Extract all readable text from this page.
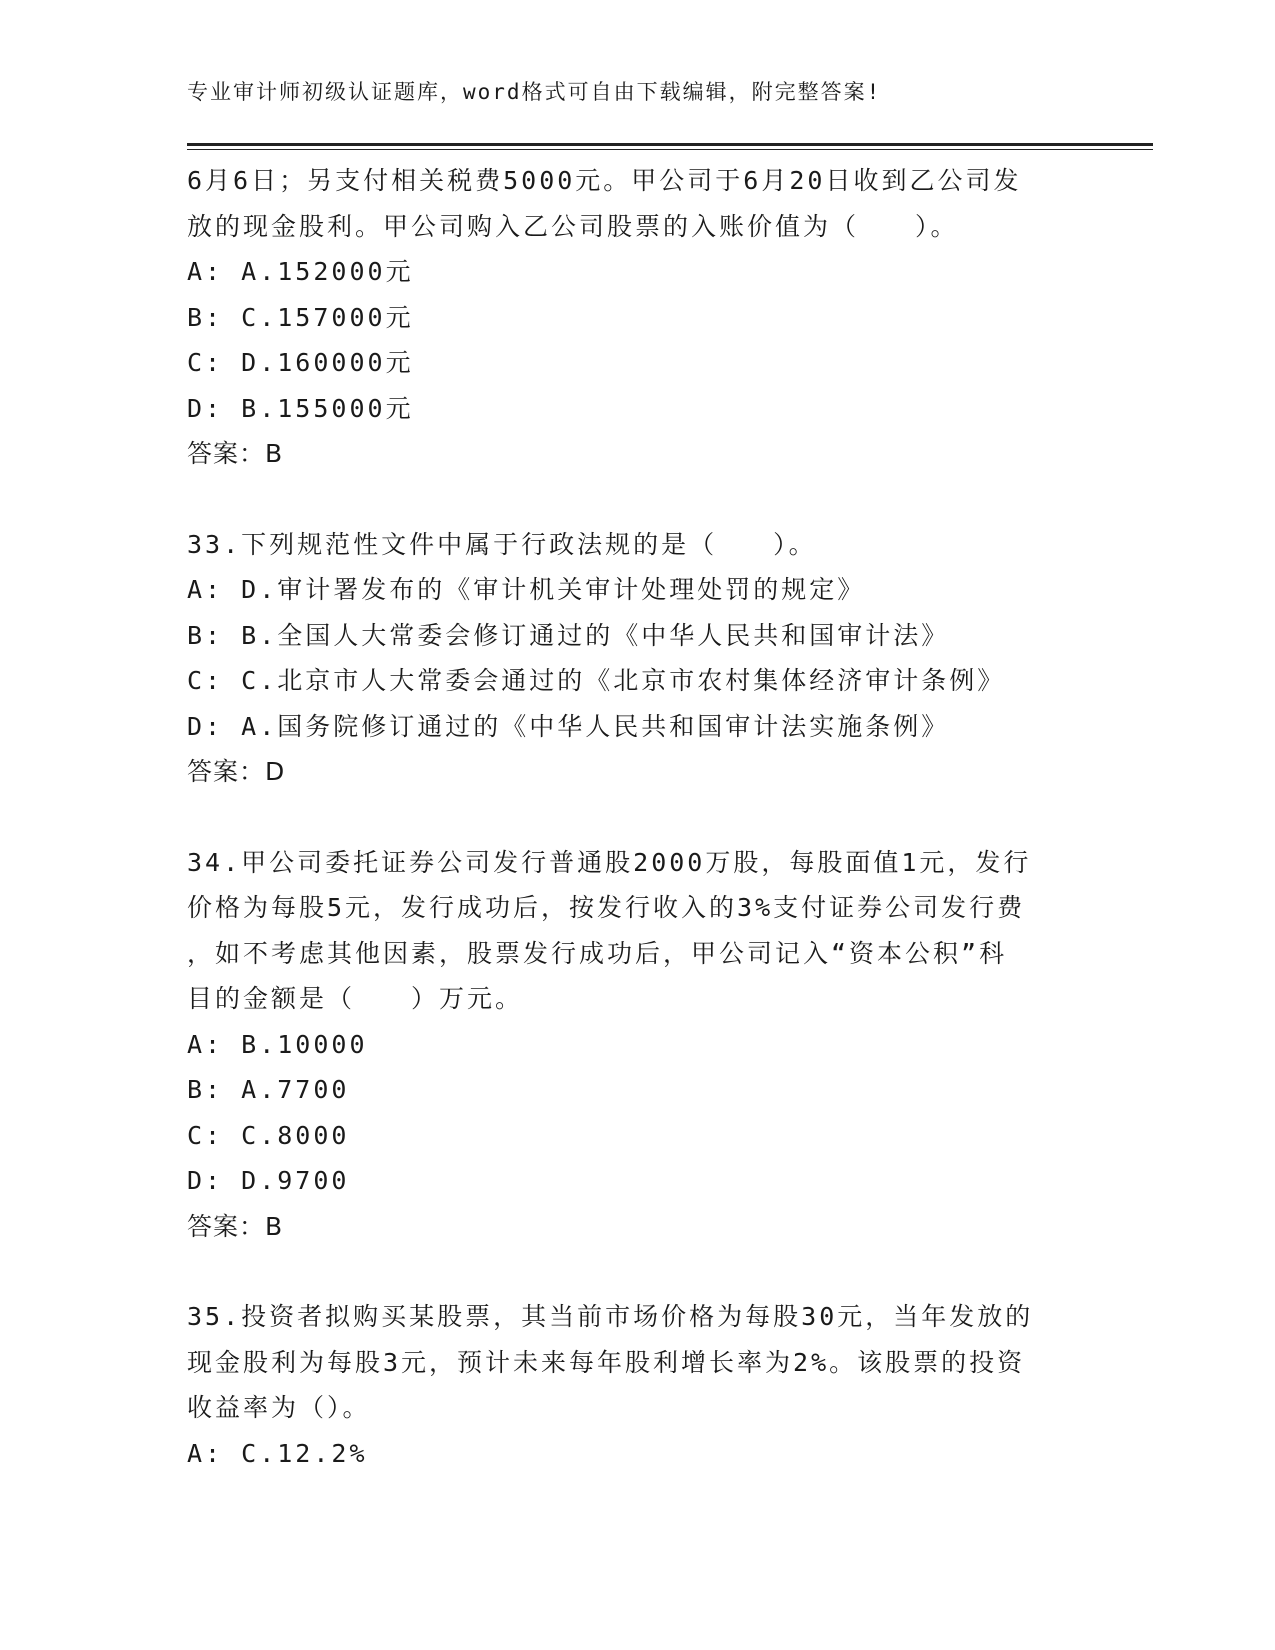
专业审计师初级认证题库，word格式可自由下载编辑，附完整答案!
6月6日；另支付相关税费5000元。甲公司于6月20日收到乙公司发
放的现金股利。甲公司购入乙公司股票的入账价值为（　　）。
A: A.152000元
B: C.157000元
C: D.160000元
D: B.155000元
答案：B
33.下列规范性文件中属于行政法规的是（　　）。
A: D.审计署发布的《审计机关审计处理处罚的规定》
B: B.全国人大常委会修订通过的《中华人民共和国审计法》
C: C.北京市人大常委会通过的《北京市农村集体经济审计条例》
D: A.国务院修订通过的《中华人民共和国审计法实施条例》
答案：D
34.甲公司委托证券公司发行普通股2000万股，每股面值1元，发行
价格为每股5元，发行成功后，按发行收入的3%支付证券公司发行费
，如不考虑其他因素，股票发行成功后，甲公司记入“资本公积”科
目的金额是（　　）万元。
A: B.10000
B: A.7700
C: C.8000
D: D.9700
答案：B
35.投资者拟购买某股票，其当前市场价格为每股30元，当年发放的
现金股利为每股3元，预计未来每年股利增长率为2%。该股票的投资
收益率为（）。
A: C.12.2%
